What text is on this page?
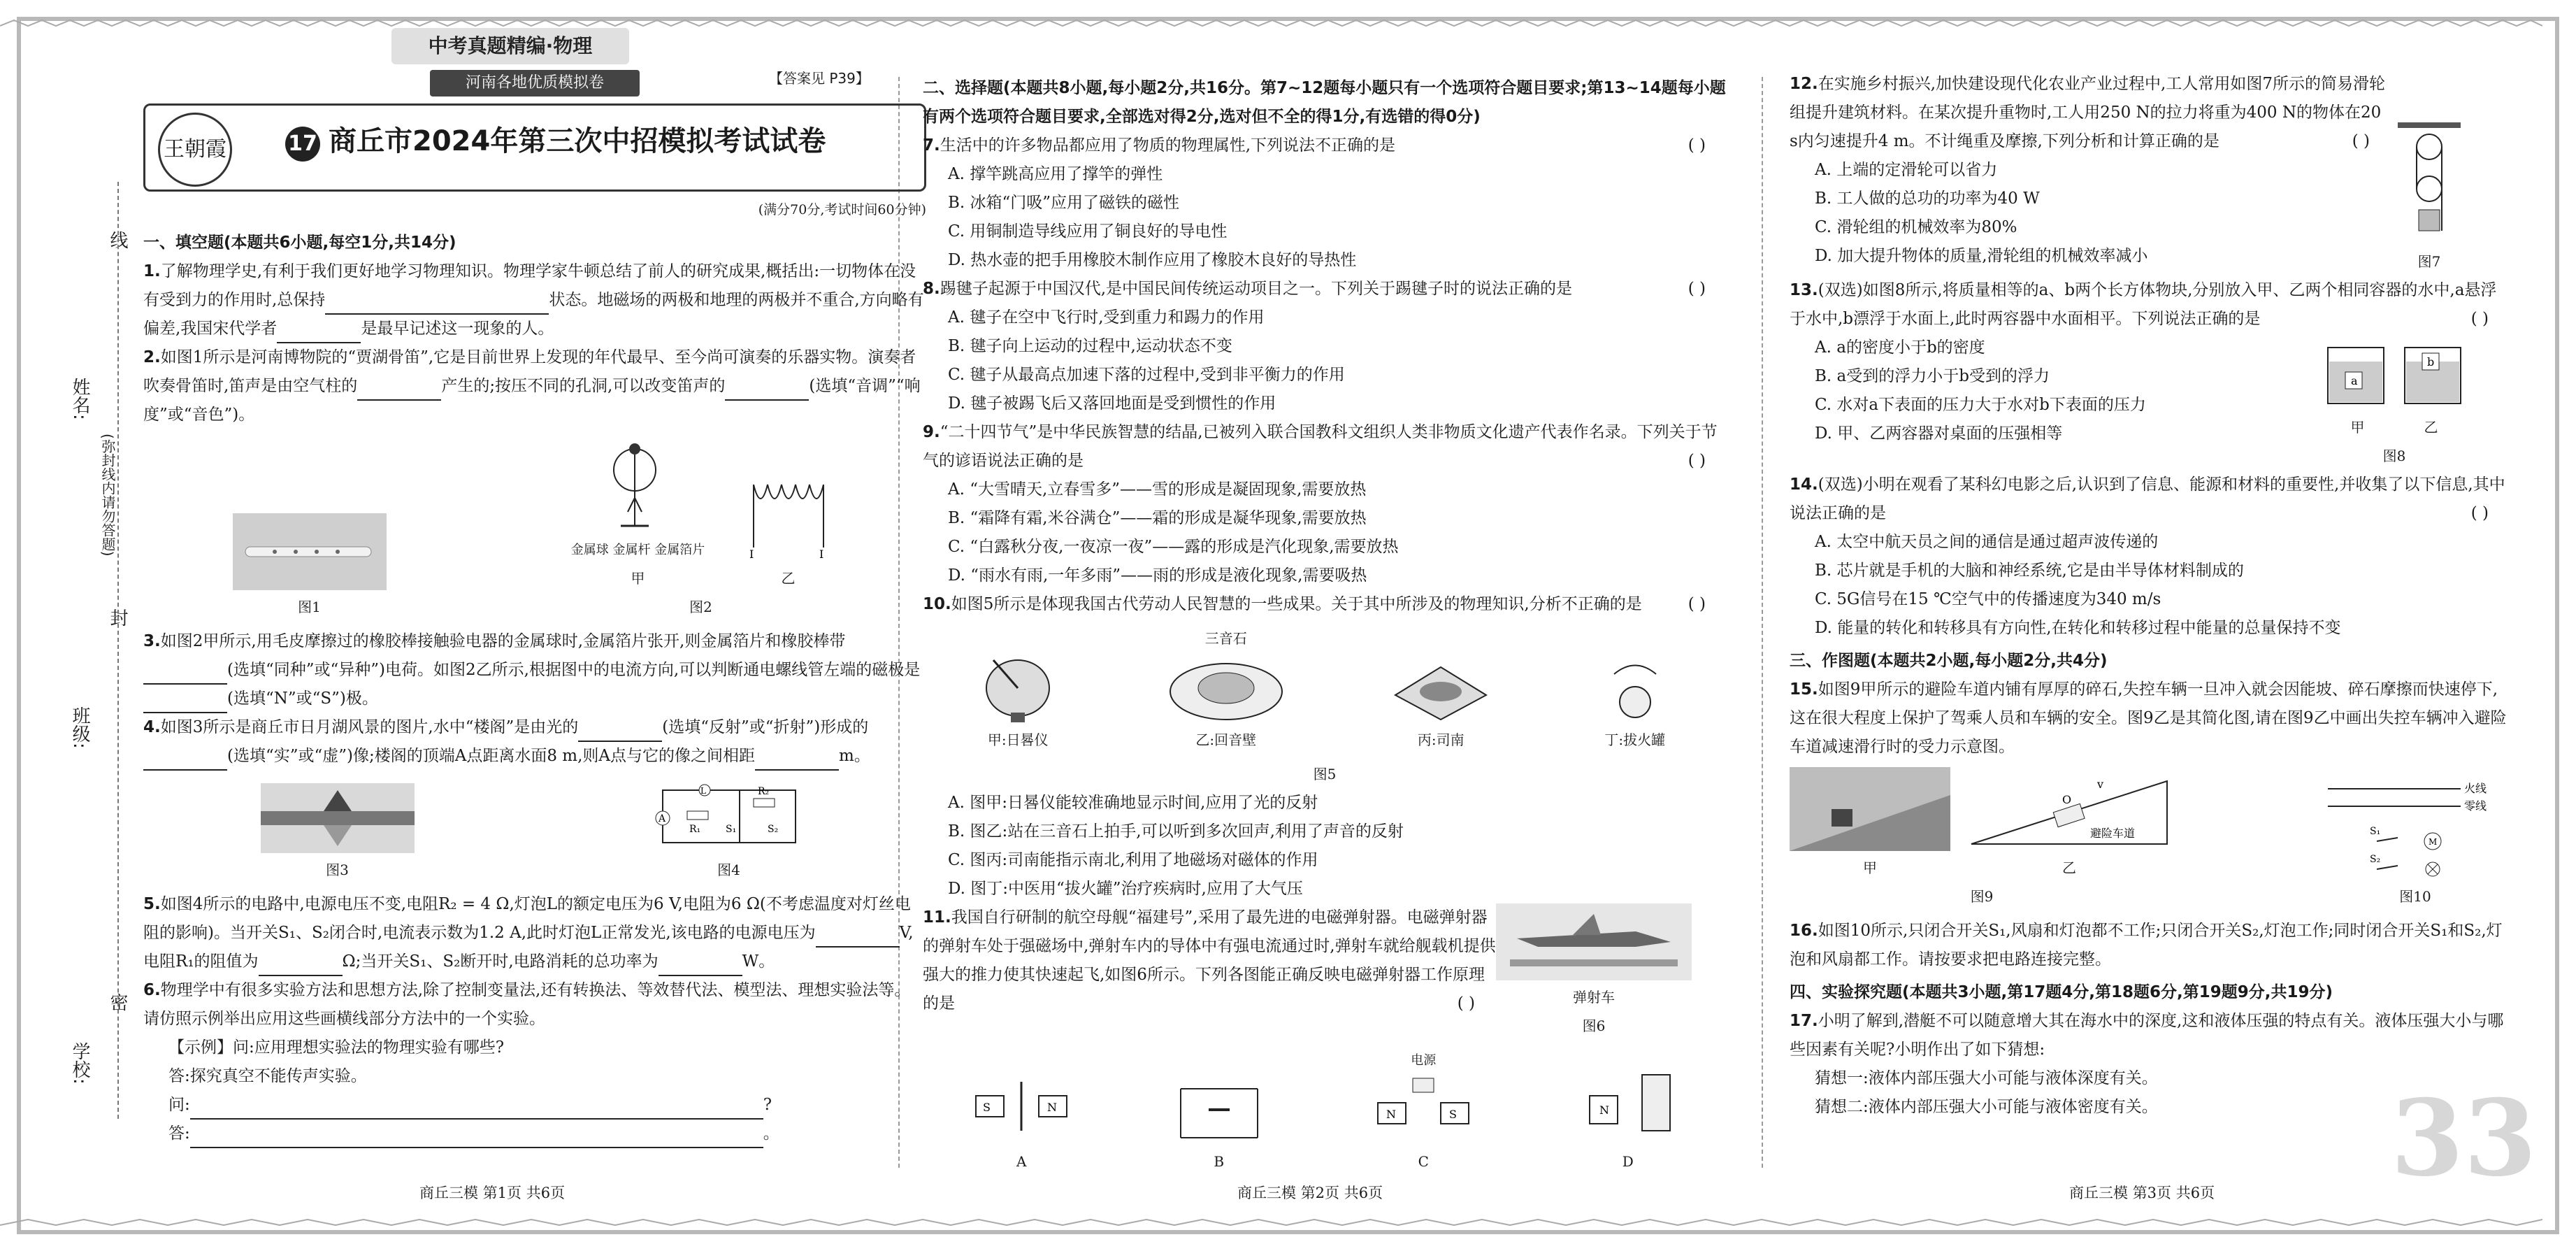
中考真题精编·物理
【答案见 P39】
姓名:
班级:
学校:
(弥封线内请勿答题)
线
封
密
河南各地优质模拟卷
王朝霞	17 商丘市2024年第三次中招模拟考试试卷
(满分70分,考试时间60分钟)
一、填空题(本题共6小题,每空1分,共14分)

1.了解物理学史,有利于我们更好地学习物理知识。物理学家牛顿总结了前人的研究成果,概括出:一切物体在没有受到力的作用时,总保持	状态。地磁场的两极和地理的两极并不重合,方向略有偏差,我国宋代学者	是最早记述这一现象的人。

2.如图1所示是河南博物院的“贾湖骨笛”,它是目前世界上发现的年代最早、至今尚可演奏的乐器实物。演奏者吹奏骨笛时,笛声是由空气柱的	产生的;按压不同的孔洞,可以改变笛声的	(选填“音调”“响度”或“音色”)。

图1
金属球 金属杆 金属箔片
甲
I	I
乙
图2

3.如图2甲所示,用毛皮摩擦过的橡胶棒接触验电器的金属球时,金属箔片张开,则金属箔片和橡胶棒带(选填“同种”或“异种”)电荷。如图2乙所示,根据图中的电流方向,可以判断通电螺线管左端的磁极是(选填“N”或“S”)极。

4.如图3所示是商丘市日月湖风景的图片,水中“楼阁”是由光的	(选填“反射”或“折射”)形成的(选填“实”或“虚”)像;楼阁的顶端A点距离水面8 m,则A点与它的像之间相距	m。

图3
A
L
R₁	S₁
R₂
S₂
图4

5.如图4所示的电路中,电源电压不变,电阻R₂ = 4 Ω,灯泡L的额定电压为6 V,电阻为6 Ω(不考虑温度对灯丝电阻的影响)。当开关S₁、S₂闭合时,电流表示数为1.2 A,此时灯泡L正常发光,该电路的电源电压为	V,电阻R₁的阻值为	Ω;当开关S₁、S₂断开时,电路消耗的总功率为	W。

6.物理学中有很多实验方法和思想方法,除了控制变量法,还有转换法、等效替代法、模型法、理想实验法等。请仿照示例举出应用这些画横线部分方法中的一个实验。

【示例】问:应用理想实验法的物理实验有哪些?

答:探究真空不能传声实验。

问:	?

答:	。

二、选择题(本题共8小题,每小题2分,共16分。第7~12题每小题只有一个选项符合题目要求;第13~14题每小题有两个选项符合题目要求,全部选对得2分,选对但不全的得1分,有选错的得0分)

7.生活中的许多物品都应用了物质的物理属性,下列说法不正确的是	( )

A. 撑竿跳高应用了撑竿的弹性

B. 冰箱“门吸”应用了磁铁的磁性

C. 用铜制造导线应用了铜良好的导电性

D. 热水壶的把手用橡胶木制作应用了橡胶木良好的导热性

8.踢毽子起源于中国汉代,是中国民间传统运动项目之一。下列关于踢毽子时的说法正确的是	( )

A. 毽子在空中飞行时,受到重力和踢力的作用

B. 毽子向上运动的过程中,运动状态不变

C. 毽子从最高点加速下落的过程中,受到非平衡力的作用

D. 毽子被踢飞后又落回地面是受到惯性的作用

9.“二十四节气”是中华民族智慧的结晶,已被列入联合国教科文组织人类非物质文化遗产代表作名录。下列关于节气的谚语说法正确的是	( )

A. “大雪晴天,立春雪多”——雪的形成是凝固现象,需要放热

B. “霜降有霜,米谷满仓”——霜的形成是凝华现象,需要放热

C. “白露秋分夜,一夜凉一夜”——露的形成是汽化现象,需要放热

D. “雨水有雨,一年多雨”——雨的形成是液化现象,需要吸热

10.如图5所示是体现我国古代劳动人民智慧的一些成果。关于其中所涉及的物理知识,分析不正确的是	( )

甲:日晷仪
三音石
乙:回音壁	丙:司南	丁:拔火罐
图5

A. 图甲:日晷仪能较准确地显示时间,应用了光的反射

B. 图乙:站在三音石上拍手,可以听到多次回声,利用了声音的反射

C. 图丙:司南能指示南北,利用了地磁场对磁体的作用

D. 图丁:中医用“拔火罐”治疗疾病时,应用了大气压

11.我国自行研制的航空母舰“福建号”,采用了最先进的电磁弹射器。电磁弹射器的弹射车处于强磁场中,弹射车内的导体中有强电流通过时,弹射车就给舰载机提供强大的推力使其快速起飞,如图6所示。下列各图能正确反映电磁弹射器工作原理的是	( )	弹射车
图6
S	N
A	B
电源
N	S
C
N
D

12.在实施乡村振兴,加快建设现代化农业产业过程中,工人常用如图7所示的简易滑轮组提升建筑材料。在某次提升重物时,工人用250 N的拉力将重为400 N的物体在20 s内匀速提升4 m。不计绳重及摩擦,下列分析和计算正确的是	( )

A. 上端的定滑轮可以省力

B. 工人做的总功的功率为40 W

C. 滑轮组的机械效率为80%

D. 加大提升物体的质量,滑轮组的机械效率减小	图7

13.(双选)如图8所示,将质量相等的a、b两个长方体物块,分别放入甲、乙两个相同容器的水中,a悬浮于水中,b漂浮于水面上,此时两容器中水面相平。下列说法正确的是	( )

A. a的密度小于b的密度

B. a受到的浮力小于b受到的浮力

C. 水对a下表面的压力大于水对b下表面的压力

D. 甲、乙两容器对桌面的压强相等

a
b
甲	乙
图8

14.(双选)小明在观看了某科幻电影之后,认识到了信息、能源和材料的重要性,并收集了以下信息,其中说法正确的是	( )

A. 太空中航天员之间的通信是通过超声波传递的

B. 芯片就是手机的大脑和神经系统,它是由半导体材料制成的

C. 5G信号在15 ℃空气中的传播速度为340 m/s

D. 能量的转化和转移具有方向性,在转化和转移过程中能量的总量保持不变

三、作图题(本题共2小题,每小题2分,共4分)

15.如图9甲所示的避险车道内铺有厚厚的碎石,失控车辆一旦冲入就会因能坡、碎石摩擦而快速停下,这在很大程度上保护了驾乘人员和车辆的安全。图9乙是其简化图,请在图9乙中画出失控车辆冲入避险车道减速滑行时的受力示意图。

甲
O
v
避险车道
乙
图9
火线
零线
S₁
M
S₂
图10

16.如图10所示,只闭合开关S₁,风扇和灯泡都不工作;只闭合开关S₂,灯泡工作;同时闭合开关S₁和S₂,灯泡和风扇都工作。请按要求把电路连接完整。

四、实验探究题(本题共3小题,第17题4分,第18题6分,第19题9分,共19分)

17.小明了解到,潜艇不可以随意增大其在海水中的深度,这和液体压强的特点有关。液体压强大小与哪些因素有关呢?小明作出了如下猜想:

猜想一:液体内部压强大小可能与液体深度有关。

猜想二:液体内部压强大小可能与液体密度有关。

商丘三模 第1页 共6页	商丘三模 第2页 共6页	商丘三模 第3页 共6页 33
